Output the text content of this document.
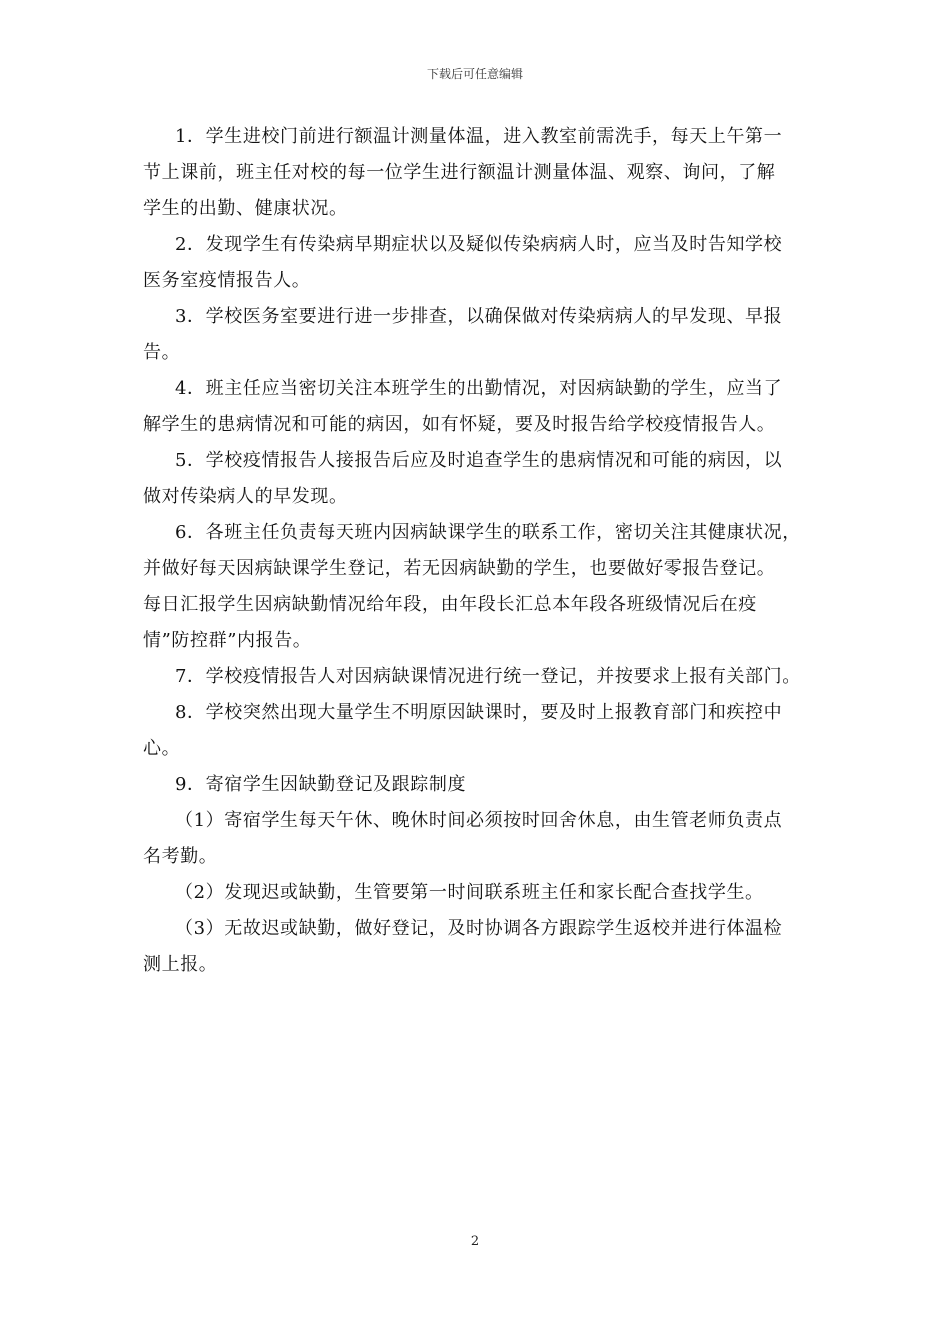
下载后可任意编辑

1．学生进校门前进行额温计测量体温，进入教室前需洗手，每天上午第一
节上课前，班主任对校的每一位学生进行额温计测量体温、观察、询问，了解
学生的出勤、健康状况。

2．发现学生有传染病早期症状以及疑似传染病病人时，应当及时告知学校
医务室疫情报告人。

3．学校医务室要进行进一步排查，以确保做对传染病病人的早发现、早报
告。

4．班主任应当密切关注本班学生的出勤情况，对因病缺勤的学生，应当了
解学生的患病情况和可能的病因，如有怀疑，要及时报告给学校疫情报告人。

5．学校疫情报告人接报告后应及时追查学生的患病情况和可能的病因，以
做对传染病人的早发现。

6．各班主任负责每天班内因病缺课学生的联系工作，密切关注其健康状况，
并做好每天因病缺课学生登记，若无因病缺勤的学生，也要做好零报告登记。
每日汇报学生因病缺勤情况给年段，由年段长汇总本年段各班级情况后在疫
情”防控群”内报告。

7．学校疫情报告人对因病缺课情况进行统一登记，并按要求上报有关部门。

8．学校突然出现大量学生不明原因缺课时，要及时上报教育部门和疾控中
心。

9．寄宿学生因缺勤登记及跟踪制度

（1）寄宿学生每天午休、晚休时间必须按时回舍休息，由生管老师负责点
名考勤。

（2）发现迟或缺勤，生管要第一时间联系班主任和家长配合查找学生。

（3）无故迟或缺勤，做好登记，及时协调各方跟踪学生返校并进行体温检
测上报。

2
